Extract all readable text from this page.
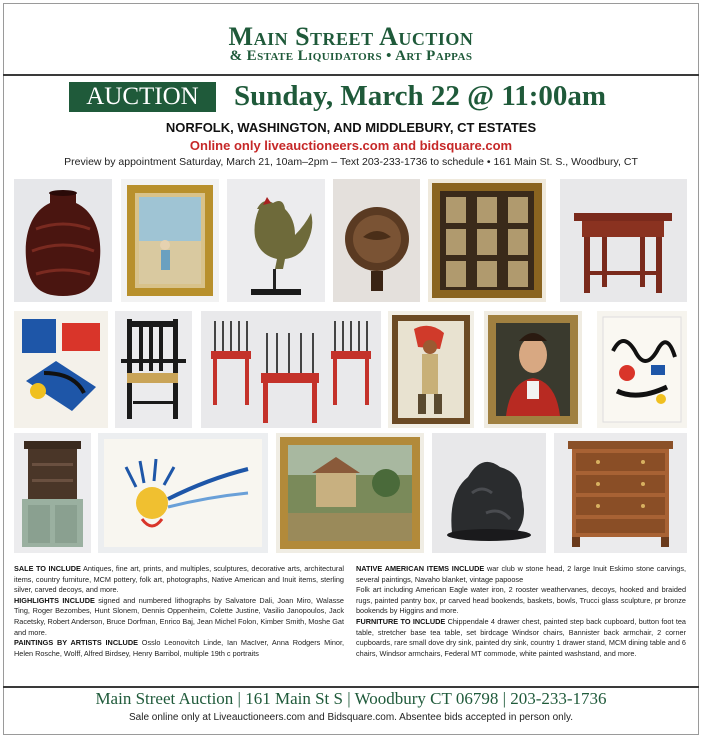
Main Street Auction
& Estate Liquidators • Art Pappas
AUCTION	Sunday, March 22 @ 11:00am
NORFOLK, WASHINGTON, AND MIDDLEBURY, CT ESTATES
Online only liveauctioneers.com and bidsquare.com
Preview by appointment Saturday, March 21, 10am–2pm – Text 203-233-1736 to schedule • 161 Main St. S., Woodbury, CT

SALE TO INCLUDE Antiques, fine art, prints, and multiples, sculptures, decorative arts, architectural items, country furniture, MCM pottery, folk art, photographs, Native American and Inuit items, sterling silver, carved decoys, and more.

HIGHLIGHTS INCLUDE signed and numbered lithographs by Salvatore Dali, Joan Miro, Walasse Ting, Roger Bezombes, Hunt Slonem, Dennis Oppenheim, Colette Justine, Vasilio Janopoulos, Jack Racetsky, Robert Anderson, Bruce Dorfman, Enrico Baj, Jean Michel Folon, Kimber Smith, Moshe Gat and more.

PAINTINGS BY ARTISTS INCLUDE Osslo Leonovitch Linde, Ian MacIver, Anna Rodgers Minor, Helen Rosche, Wolff, Alfred Birdsey, Henry Barribol, multiple 19th c portraits

NATIVE AMERICAN ITEMS INCLUDE war club w stone head, 2 large Inuit Eskimo stone carvings, several paintings, Navaho blanket, vintage papoose

Folk art including American Eagle water iron, 2 rooster weathervanes, decoys, hooked and braided rugs, painted pantry box, pr carved head bookends, baskets, bowls, Trucci glass sculpture, pr bronze bookends by Higgins and more.

FURNITURE TO INCLUDE Chippendale 4 drawer chest, painted step back cupboard, button foot tea table, stretcher base tea table, set birdcage Windsor chairs, Bannister back armchair, 2 corner cupboards, rare small dove dry sink, painted dry sink, country 1 drawer stand, MCM dining table and 6 chairs, Windsor armchairs, Federal MT commode, white painted washstand, and more.

Main Street Auction | 161 Main St S | Woodbury CT 06798 | 203-233-1736
Sale online only at Liveauctioneers.com and Bidsquare.com. Absentee bids accepted in person only.
